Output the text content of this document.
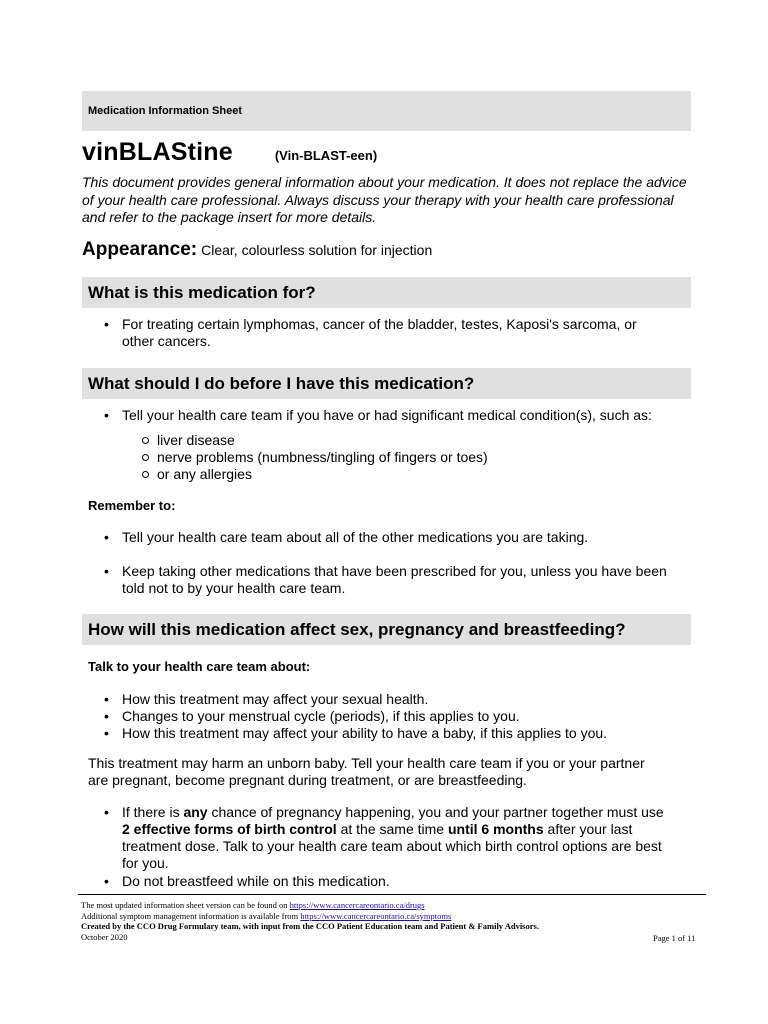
Medication Information Sheet
vinBLAStine	(Vin-BLAST-een)
This document provides general information about your medication. It does not replace the advice of your health care professional. Always discuss your therapy with your health care professional and refer to the package insert for more details.
Appearance: Clear, colourless solution for injection
What is this medication for?
• For treating certain lymphomas, cancer of the bladder, testes, Kaposi's sarcoma, or other cancers.
What should I do before I have this medication?
• Tell your health care team if you have or had significant medical condition(s), such as:
liver disease
nerve problems (numbness/tingling of fingers or toes)
or any allergies
Remember to:
• Tell your health care team about all of the other medications you are taking.
• Keep taking other medications that have been prescribed for you, unless you have been told not to by your health care team.
How will this medication affect sex, pregnancy and breastfeeding?
Talk to your health care team about:
• How this treatment may affect your sexual health.
• Changes to your menstrual cycle (periods), if this applies to you.
• How this treatment may affect your ability to have a baby, if this applies to you.
This treatment may harm an unborn baby. Tell your health care team if you or your partner are pregnant, become pregnant during treatment, or are breastfeeding.
• If there is any chance of pregnancy happening, you and your partner together must use 2 effective forms of birth control at the same time until 6 months after your last treatment dose. Talk to your health care team about which birth control options are best for you.
• Do not breastfeed while on this medication.
The most updated information sheet version can be found on https://www.cancercareontario.ca/drugs
Additional symptom management information is available from https://www.cancercareontario.ca/symptoms
Created by the CCO Drug Formulary team, with input from the CCO Patient Education team and Patient & Family Advisors.
October 2020	Page 1 of 11
